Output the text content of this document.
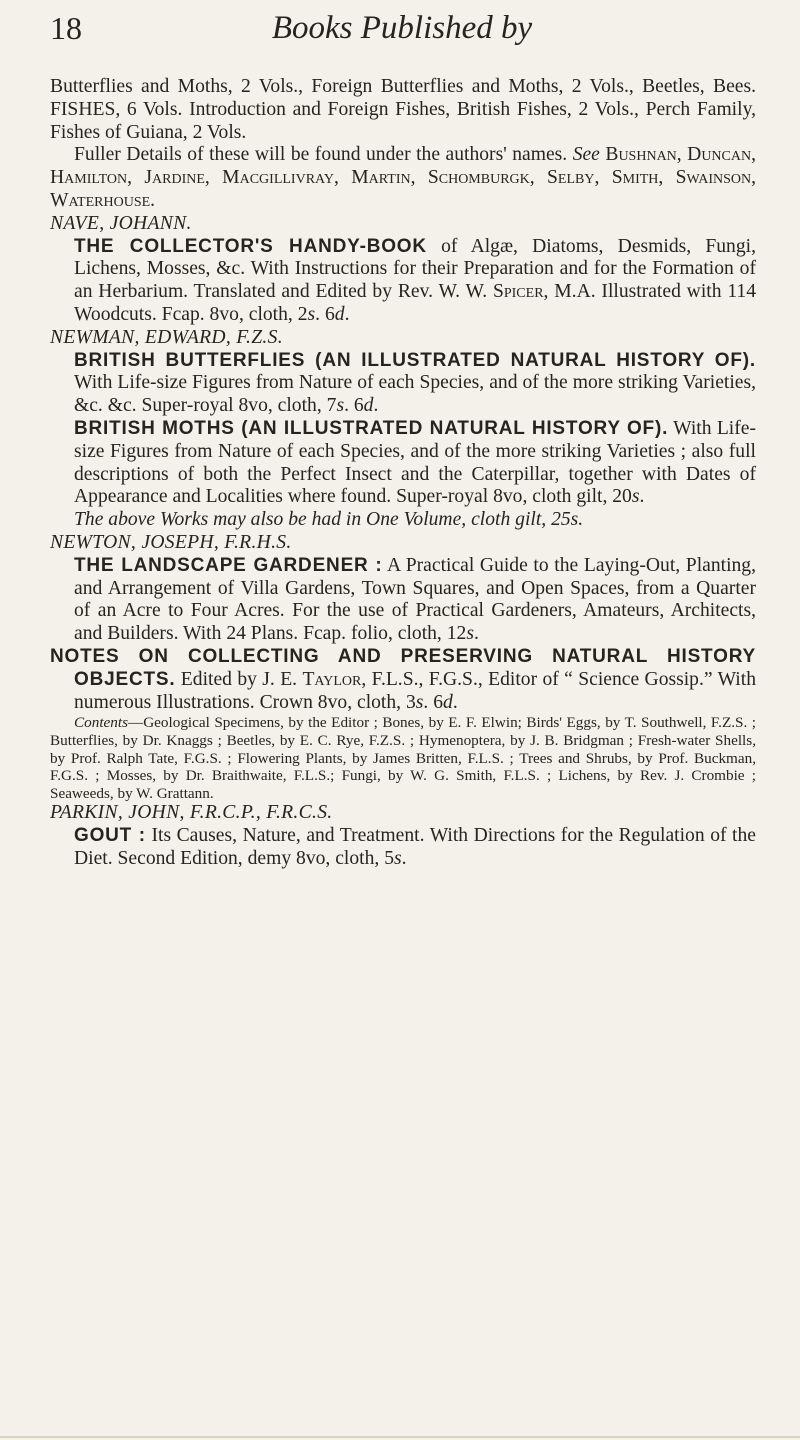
18	Books Published by

Butterflies and Moths, 2 Vols., Foreign Butterflies and Moths, 2 Vols., Beetles, Bees. FISHES, 6 Vols. Introduction and Foreign Fishes, British Fishes, 2 Vols., Perch Family, Fishes of Guiana, 2 Vols.

Fuller Details of these will be found under the authors' names. See Bushnan, Duncan, Hamilton, Jardine, Macgillivray, Martin, Schomburgk, Selby, Smith, Swainson, Waterhouse.

NAVE, JOHANN.

THE COLLECTOR'S HANDY-BOOK of Algæ, Diatoms, Desmids, Fungi, Lichens, Mosses, &c. With Instructions for their Preparation and for the Formation of an Herbarium. Translated and Edited by Rev. W. W. Spicer, M.A. Illustrated with 114 Woodcuts. Fcap. 8vo, cloth, 2s. 6d.

NEWMAN, EDWARD, F.Z.S.

BRITISH BUTTERFLIES (AN ILLUSTRATED NATURAL HISTORY OF). With Life-size Figures from Nature of each Species, and of the more striking Varieties, &c. &c. Super-royal 8vo, cloth, 7s. 6d.

BRITISH MOTHS (AN ILLUSTRATED NATURAL HISTORY OF). With Life-size Figures from Nature of each Species, and of the more striking Varieties ; also full descriptions of both the Perfect Insect and the Caterpillar, together with Dates of Appearance and Localities where found. Super-royal 8vo, cloth gilt, 20s.

The above Works may also be had in One Volume, cloth gilt, 25s.

NEWTON, JOSEPH, F.R.H.S.

THE LANDSCAPE GARDENER : A Practical Guide to the Laying-Out, Planting, and Arrangement of Villa Gardens, Town Squares, and Open Spaces, from a Quarter of an Acre to Four Acres. For the use of Practical Gardeners, Amateurs, Architects, and Builders. With 24 Plans. Fcap. folio, cloth, 12s.

NOTES ON COLLECTING AND PRESERVING NATURAL HISTORY OBJECTS. Edited by J. E. Taylor, F.L.S., F.G.S., Editor of “ Science Gossip.” With numerous Illustrations. Crown 8vo, cloth, 3s. 6d.

Contents—Geological Specimens, by the Editor ; Bones, by E. F. Elwin; Birds' Eggs, by T. Southwell, F.Z.S. ; Butterflies, by Dr. Knaggs ; Beetles, by E. C. Rye, F.Z.S. ; Hymenoptera, by J. B. Bridgman ; Fresh-water Shells, by Prof. Ralph Tate, F.G.S. ; Flowering Plants, by James Britten, F.L.S. ; Trees and Shrubs, by Prof. Buckman, F.G.S. ; Mosses, by Dr. Braithwaite, F.L.S.; Fungi, by W. G. Smith, F.L.S. ; Lichens, by Rev. J. Crombie ; Seaweeds, by W. Grattann.

PARKIN, JOHN, F.R.C.P., F.R.C.S.

GOUT : Its Causes, Nature, and Treatment. With Directions for the Regulation of the Diet. Second Edition, demy 8vo, cloth, 5s.
